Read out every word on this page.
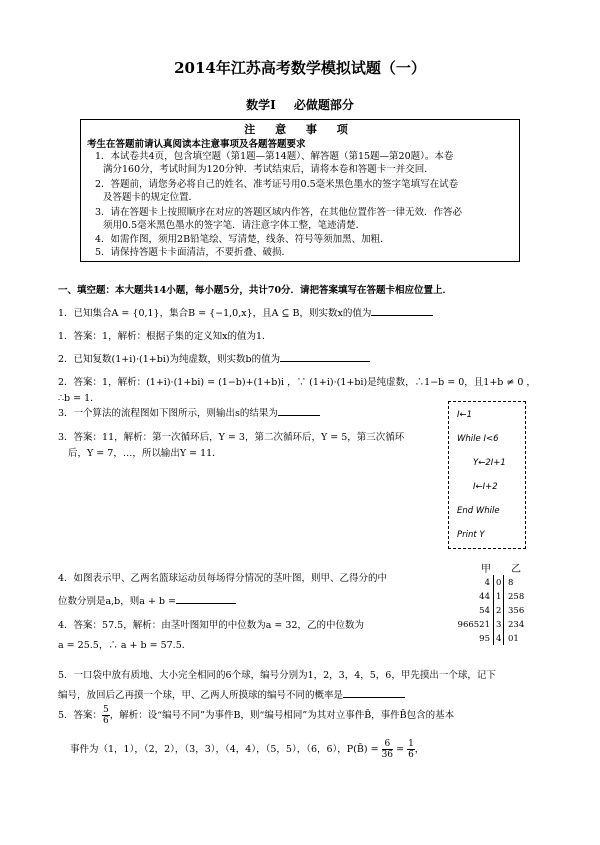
2014年江苏高考数学模拟试题（一）
数学Ⅰ 必做题部分
注 意 事 项
考生在答题前请认真阅读本注意事项及各题答题要求
1．本试卷共4页，包含填空题（第1题—第14题）、解答题（第15题—第20题）。本卷
满分160分，考试时间为120分钟．考试结束后，请将本卷和答题卡一并交回．
2．答题前，请您务必将自己的姓名、准考证号用0.5毫米黑色墨水的签字笔填写在试卷
及答题卡的规定位置．
3．请在答题卡上按照顺序在对应的答题区域内作答，在其他位置作答一律无效．作答必
须用0.5毫米黑色墨水的签字笔．请注意字体工整，笔迹清楚．
4．如需作图，须用2B铅笔绘、写清楚，线条、符号等须加黑、加粗．
5．请保持答题卡卡面清洁，不要折叠、破损．
一、填空题：本大题共14小题，每小题5分，共计70分．请把答案填写在答题卡相应位置上．
1．已知集合A = {0,1}，集合B = {−1,0,x}，且A ⊆ B，则实数x的值为
1．答案：1，解析：根据子集的定义知x的值为1．
2．已知复数(1+i)·(1+bi)为纯虚数，则实数b的值为
2．答案：1，解析：(1+i)·(1+bi) = (1−b)+(1+b)i ，∵ (1+i)·(1+bi)是纯虚数，∴1−b = 0，且1+b ≠ 0 ，
∴b = 1．
3．一个算法的流程图如下图所示，则输出s的结果为
3．答案：11，解析：第一次循环后，Y = 3，第二次循环后，Y = 5，第三次循环
后，Y = 7，…，所以输出Y = 11．
I←1
While I<6
Y←2I+1
I←I+2
End While
Print Y
4．如图表示甲、乙两名篮球运动员每场得分情况的茎叶图，则甲、乙得分的中
位数分别是a,b，则a + b =
4．答案：57.5，解析：由茎叶图知甲的中位数为a = 32，乙的中位数为
a = 25.5，∴ a + b = 57.5．
甲 乙
4 0 8
44 1 258
54 2 356
966521 3 234
95 4 01
5．一口袋中放有质地、大小完全相同的6个球，编号分别为1，2，3，4，5，6，甲先摸出一个球，记下
编号，放回后乙再摸一个球，甲、乙两人所摸球的编号不同的概率是
5．答案： $\frac{5}{6}$ ，解析：设“编号不同”为事件B，则“编号相同”为其对立事件B̄，事件B̄包含的基本
事件为（1，1），（2，2），（3，3），（4，4），（5，5），（6，6），P(B̄) = $\frac{6}{36} = \frac{1}{6}$ ，
